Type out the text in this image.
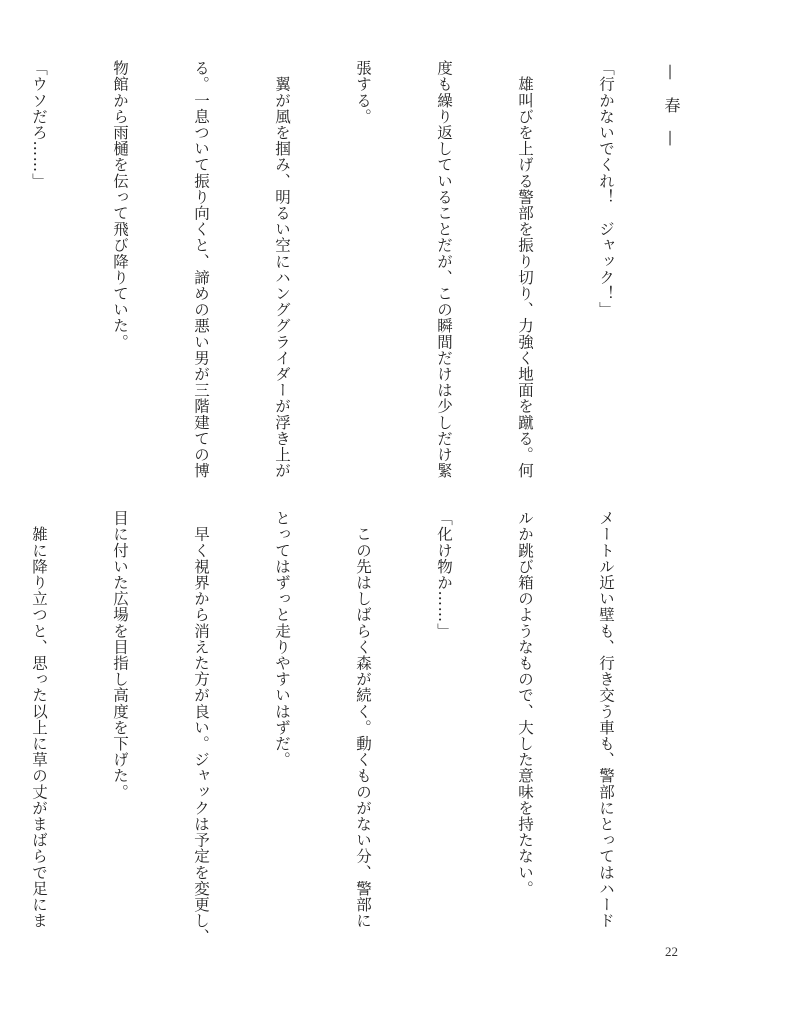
— 春 —

「行かないでくれ！　ジャック！」

　雄叫びを上げる警部を振り切り、力強く地面を蹴る。何

度も繰り返していることだが、この瞬間だけは少しだけ緊

張する。

　翼が風を掴み、明るい空にハンググライダーが浮き上が

る。一息ついて振り向くと、諦めの悪い男が三階建ての博

物館から雨樋を伝って飛び降りていた。

「ウソだろ……」

メートル近い壁も、行き交う車も、警部にとってはハード

ルか跳び箱のようなもので、大した意味を持たない。

「化け物か……」

　この先はしばらく森が続く。動くものがない分、警部に

とってはずっと走りやすいはずだ。

　早く視界から消えた方が良い。ジャックは予定を変更し、

目に付いた広場を目指し高度を下げた。

　雑に降り立つと、思った以上に草の丈がまばらで足にま

22
